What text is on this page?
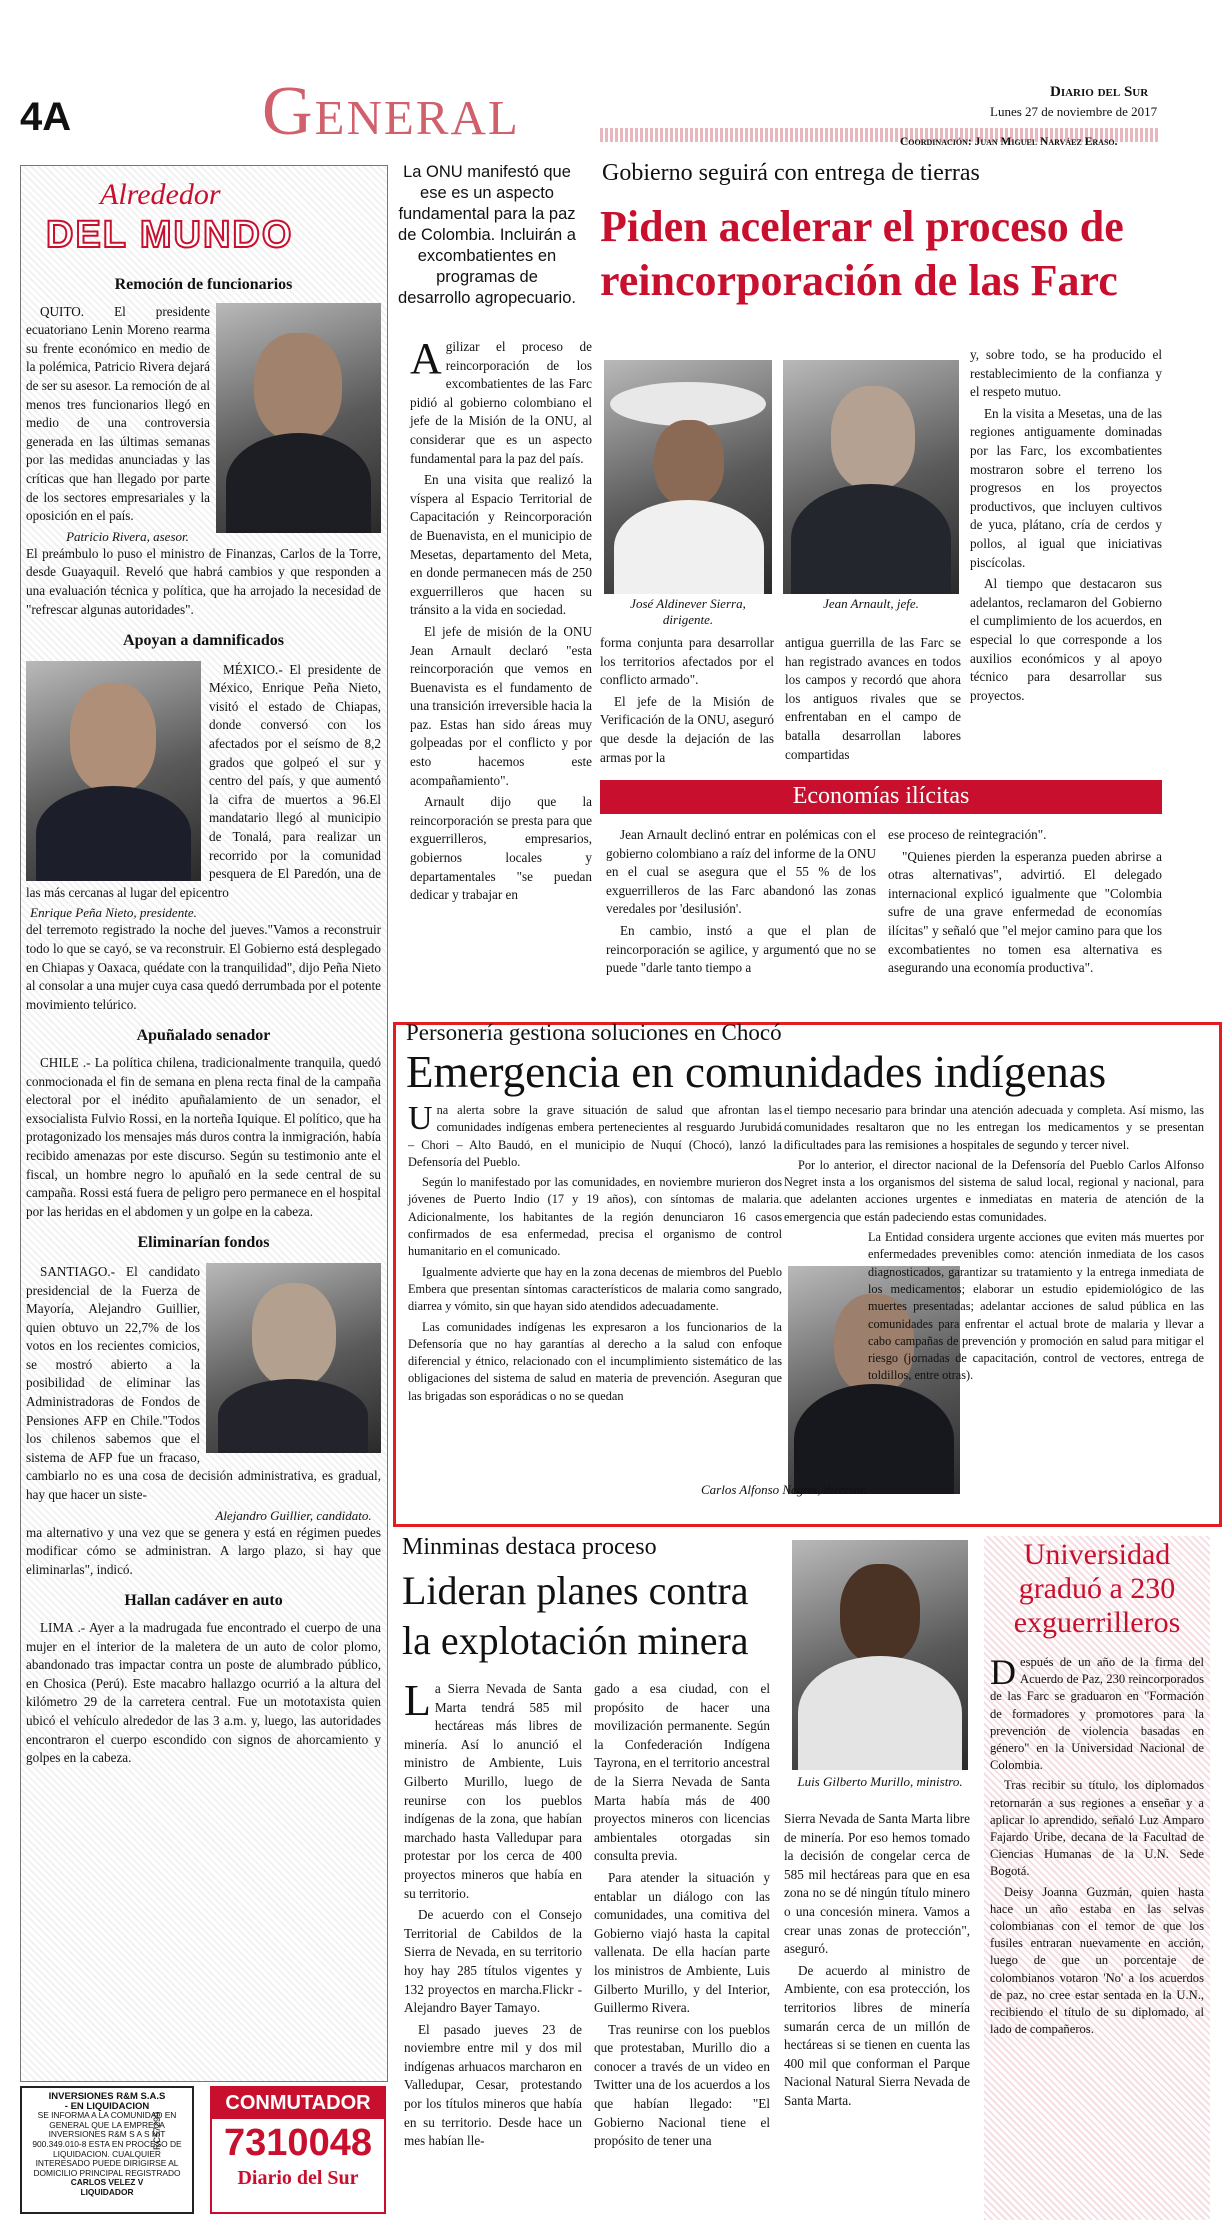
4A	General	Diario del Sur
Lunes 27 de noviembre de 2017
Coordinación: Juan Miguel Narváez Eraso.
Alrededor
DEL MUNDO
Remoción de funcionarios

QUITO. El presidente ecuatoriano Lenin Moreno rearma su frente económico en medio de la polémica, Patricio Rivera dejará de ser su asesor. La remoción de al menos tres funcionarios llegó en medio de una controversia generada en las últimas semanas por las medidas anunciadas y las críticas que han llegado por parte de los sectores empresariales y la oposición en el país.

Patricio Rivera, asesor.

El preámbulo lo puso el ministro de Finanzas, Carlos de la Torre, desde Guayaquil. Reveló que habrá cambios y que responden a una evaluación técnica y política, que ha arrojado la necesidad de "refrescar algunas autoridades".

Apoyan a damnificados

MÉXICO.- El presidente de México, Enrique Peña Nieto, visitó el estado de Chiapas, donde conversó con los afectados por el seísmo de 8,2 grados que golpeó el sur y centro del país, y que aumentó la cifra de muertos a 96.El mandatario llegó al municipio de Tonalá, para realizar un recorrido por la comunidad pesquera de El Paredón, una de las más cercanas al lugar del epicentro

Enrique Peña Nieto, presidente.

del terremoto registrado la noche del jueves."Vamos a reconstruir todo lo que se cayó, se va reconstruir. El Gobierno está desplegado en Chiapas y Oaxaca, quédate con la tranquilidad", dijo Peña Nieto al consolar a una mujer cuya casa quedó derrumbada por el potente movimiento telúrico.

Apuñalado senador

CHILE .- La política chilena, tradicionalmente tranquila, quedó conmocionada el fin de semana en plena recta final de la campaña electoral por el inédito apuñalamiento de un senador, el exsocialista Fulvio Rossi, en la norteña Iquique. El político, que ha protagonizado los mensajes más duros contra la inmigración, había recibido amenazas por este discurso. Según su testimonio ante el fiscal, un hombre negro lo apuñaló en la sede central de su campaña. Rossi está fuera de peligro pero permanece en el hospital por las heridas en el abdomen y un golpe en la cabeza.

Eliminarían fondos

SANTIAGO.- El candidato presidencial de la Fuerza de Mayoría, Alejandro Guillier, quien obtuvo un 22,7% de los votos en los recientes comicios, se mostró abierto a la posibilidad de eliminar las Administradoras de Fondos de Pensiones AFP en Chile."Todos los chilenos sabemos que el sistema de AFP fue un fracaso, cambiarlo no es una cosa de decisión administrativa, es gradual, hay que hacer un siste-

Alejandro Guillier, candidato.

ma alternativo y una vez que se genera y está en régimen puedes modificar cómo se administran. A largo plazo, si hay que eliminarlas", indicó.

Hallan cadáver en auto

LIMA .- Ayer a la madrugada fue encontrado el cuerpo de una mujer en el interior de la maletera de un auto de color plomo, abandonado tras impactar contra un poste de alumbrado público, en Chosica (Perú). Este macabro hallazgo ocurrió a la altura del kilómetro 29 de la carretera central. Fue un mototaxista quien ubicó el vehículo alrededor de las 3 a.m. y, luego, las autoridades encontraron el cuerpo escondido con signos de ahorcamiento y golpes en la cabeza.

INVERSIONES R&M S.A.S
- EN LIQUIDACION
SE INFORMA A LA COMUNIDAD EN GENERAL QUE LA EMPRESA INVERSIONES R&M S A S NIT 900.349.010-8 ESTA EN PROCESO DE LIQUIDACION. CUALQUIER INTERESADO PUEDE DIRIGIRSE AL DOMICILIO PRINCIPAL REGISTRADO
CARLOS VELEZ V
LIQUIDADOR
RC57299
CONMUTADOR
7310048
Diario del Sur
La ONU manifestó que ese es un aspecto fundamental para la paz de Colombia. Incluirán a excombatientes en programas de desarrollo agropecuario.
Gobierno seguirá con entrega de tierras
Piden acelerar el proceso de reincorporación de las Farc

Agilizar el proceso de reincorporación de los excombatientes de las Farc pidió al gobierno colombiano el jefe de la Misión de la ONU, al considerar que es un aspecto fundamental para la paz del país.

En una visita que realizó la víspera al Espacio Territorial de Capacitación y Reincorporación de Buenavista, en el municipio de Mesetas, departamento del Meta, en donde permanecen más de 250 exguerrilleros que hacen su tránsito a la vida en sociedad.

El jefe de misión de la ONU Jean Arnault declaró "esta reincorporación que vemos en Buenavista es el fundamento de una transición irreversible hacia la paz. Estas han sido áreas muy golpeadas por el conflicto y por esto hacemos este acompañamiento".

Arnault dijo que la reincorporación se presta para que exguerrilleros, empresarios, gobiernos locales y departamentales "se puedan dedicar y trabajar en

José Aldinever Sierra, dirigente.
Jean Arnault, jefe.

forma conjunta para desarrollar los territorios afectados por el conflicto armado".

El jefe de la Misión de Verificación de la ONU, aseguró que desde la dejación de las armas por la

antigua guerrilla de las Farc se han registrado avances en todos los campos y recordó que ahora los antiguos rivales que se enfrentaban en el campo de batalla desarrollan labores compartidas

y, sobre todo, se ha producido el restablecimiento de la confianza y el respeto mutuo.

En la visita a Mesetas, una de las regiones antiguamente dominadas por las Farc, los excombatientes mostraron sobre el terreno los progresos en los proyectos productivos, que incluyen cultivos de yuca, plátano, cría de cerdos y pollos, al igual que iniciativas piscícolas.

Al tiempo que destacaron sus adelantos, reclamaron del Gobierno el cumplimiento de los acuerdos, en especial lo que corresponde a los auxilios económicos y al apoyo técnico para desarrollar sus proyectos.

Economías ilícitas

Jean Arnault declinó entrar en polémicas con el gobierno colombiano a raíz del informe de la ONU en el cual se asegura que el 55 % de los exguerrilleros de las Farc abandonó las zonas veredales por 'desilusión'.

En cambio, instó a que el plan de reincorporación se agilice, y argumentó que no se puede "darle tanto tiempo a

ese proceso de reintegración".

"Quienes pierden la esperanza pueden abrirse a otras alternativas", advirtió. El delegado internacional explicó igualmente que "Colombia sufre de una grave enfermedad de economías ilícitas" y señaló que "el mejor camino para que los excombatientes no tomen esa alternativa es asegurando una economía productiva".

Personería gestiona soluciones en Chocó
Emergencia en comunidades indígenas

Una alerta sobre la grave situación de salud que afrontan las comunidades indígenas embera pertenecientes al resguardo Jurubidá – Chori – Alto Baudó, en el municipio de Nuquí (Chocó), lanzó la Defensoría del Pueblo.

Según lo manifestado por las comunidades, en noviembre murieron dos jóvenes de Puerto Indio (17 y 19 años), con síntomas de malaria. Adicionalmente, los habitantes de la región denunciaron 16 casos confirmados de esa enfermedad, precisa el organismo de control humanitario en el comunicado.

Igualmente advierte que hay en la zona decenas de miembros del Pueblo Embera que presentan síntomas característicos de malaria como sangrado, diarrea y vómito, sin que hayan sido atendidos adecuadamente.

Las comunidades indígenas les expresaron a los funcionarios de la Defensoría que no hay garantías al derecho a la salud con enfoque diferencial y étnico, relacionado con el incumplimiento sistemático de las obligaciones del sistema de salud en materia de prevención. Aseguran que las brigadas son esporádicas o no se quedan

Carlos Alfonso Negret, director.

el tiempo necesario para brindar una atención adecuada y completa. Así mismo, las comunidades resaltaron que no les entregan los medicamentos y se presentan dificultades para las remisiones a hospitales de segundo y tercer nivel.

Por lo anterior, el director nacional de la Defensoría del Pueblo Carlos Alfonso Negret insta a los organismos del sistema de salud local, regional y nacional, para que adelanten acciones urgentes e inmediatas en materia de atención de la emergencia que están padeciendo estas comunidades.

La Entidad considera urgente acciones que eviten más muertes por enfermedades prevenibles como: atención inmediata de los casos diagnosticados, garantizar su tratamiento y la entrega inmediata de los medicamentos; elaborar un estudio epidemiológico de las muertes presentadas; adelantar acciones de salud pública en las comunidades para enfrentar el actual brote de malaria y llevar a cabo campañas de prevención y promoción en salud para mitigar el riesgo (jornadas de capacitación, control de vectores, entrega de toldillos, entre otras).

Minminas destaca proceso
Lideran planes contra la explotación minera

La Sierra Nevada de Santa Marta tendrá 585 mil hectáreas más libres de minería. Así lo anunció el ministro de Ambiente, Luis Gilberto Murillo, luego de reunirse con los pueblos indígenas de la zona, que habían marchado hasta Valledupar para protestar por los cerca de 400 proyectos mineros que había en su territorio.

De acuerdo con el Consejo Territorial de Cabildos de la Sierra de Nevada, en su territorio hoy hay 285 títulos vigentes y 132 proyectos en marcha.Flickr - Alejandro Bayer Tamayo.

El pasado jueves 23 de noviembre entre mil y dos mil indígenas arhuacos marcharon en Valledupar, Cesar, protestando por los títulos mineros que había en su territorio. Desde hace un mes habían lle-

gado a esa ciudad, con el propósito de hacer una movilización permanente. Según la Confederación Indígena Tayrona, en el territorio ancestral de la Sierra Nevada de Santa Marta había más de 400 proyectos mineros con licencias ambientales otorgadas sin consulta previa.

Para atender la situación y entablar un diálogo con las comunidades, una comitiva del Gobierno viajó hasta la capital vallenata. De ella hacían parte los ministros de Ambiente, Luis Gilberto Murillo, y del Interior, Guillermo Rivera.

Tras reunirse con los pueblos que protestaban, Murillo dio a conocer a través de un video en Twitter una de los acuerdos a los que habían llegado: "El Gobierno Nacional tiene el propósito de tener una

Luis Gilberto Murillo, ministro.

Sierra Nevada de Santa Marta libre de minería. Por eso hemos tomado la decisión de congelar cerca de 585 mil hectáreas para que en esa zona no se dé ningún título minero o una concesión minera. Vamos a crear unas zonas de protección", aseguró.

De acuerdo al ministro de Ambiente, con esa protección, los territorios libres de minería sumarán cerca de un millón de hectáreas si se tienen en cuenta las 400 mil que conforman el Parque Nacional Natural Sierra Nevada de Santa Marta.

Universidad graduó a 230 exguerrilleros

Después de un año de la firma del Acuerdo de Paz, 230 reincorporados de las Farc se graduaron en "Formación de formadores y promotores para la prevención de violencia basadas en género" en la Universidad Nacional de Colombia.

Tras recibir su título, los diplomados retornarán a sus regiones a enseñar y a aplicar lo aprendido, señaló Luz Amparo Fajardo Uribe, decana de la Facultad de Ciencias Humanas de la U.N. Sede Bogotá.

Deisy Joanna Guzmán, quien hasta hace un año estaba en las selvas colombianas con el temor de que los fusiles entraran nuevamente en acción, luego de que un porcentaje de colombianos votaron 'No' a los acuerdos de paz, no cree estar sentada en la U.N., recibiendo el título de su diplomado, al lado de compañeros.
